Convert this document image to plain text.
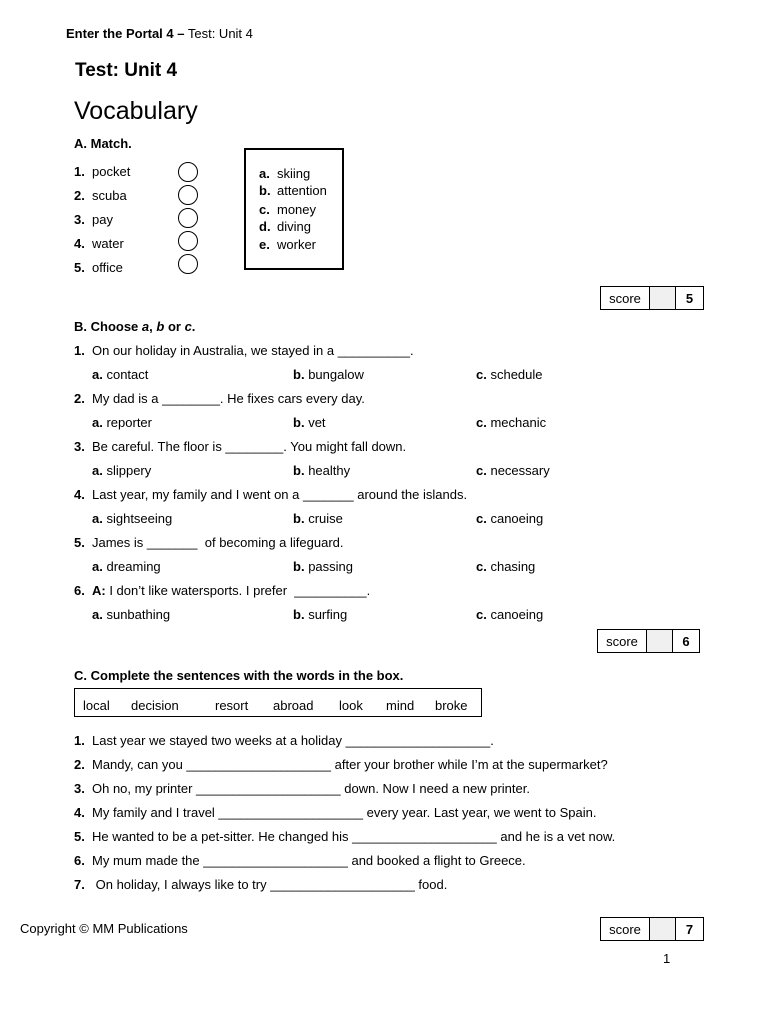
Enter the Portal 4 – Test: Unit 4
Test: Unit 4
Vocabulary
A. Match.
1. pocket
2. scuba
3. pay
4. water
5. office
a. skiing
b. attention
c. money
d. diving
e. worker
score	5
B. Choose a, b or c.
1. On our holiday in Australia, we stayed in a __________.
a. contact	b. bungalow	c. schedule
2. My dad is a ________. He fixes cars every day.
a. reporter	b. vet	c. mechanic
3. Be careful. The floor is ________. You might fall down.
a. slippery	b. healthy	c. necessary
4. Last year, my family and I went on a _______ around the islands.
a. sightseeing	b. cruise	c. canoeing
5. James is _______  of becoming a lifeguard.
a. dreaming	b. passing	c. chasing
6. A: I don’t like watersports. I prefer  __________.
a. sunbathing	b. surfing	c. canoeing
score	6
C. Complete the sentences with the words in the box.
local decision	resort abroad look mind broke
1. Last year we stayed two weeks at a holiday ____________________.
2. Mandy, can you ____________________ after your brother while I’m at the supermarket?
3. Oh no, my printer ____________________ down. Now I need a new printer.
4. My family and I travel ____________________ every year. Last year, we went to Spain.
5. He wanted to be a pet-sitter. He changed his ____________________ and he is a vet now.
6. My mum made the ____________________ and booked a flight to Greece.
7. On holiday, I always like to try ____________________ food.
Copyright © MM Publications	score	7
1
